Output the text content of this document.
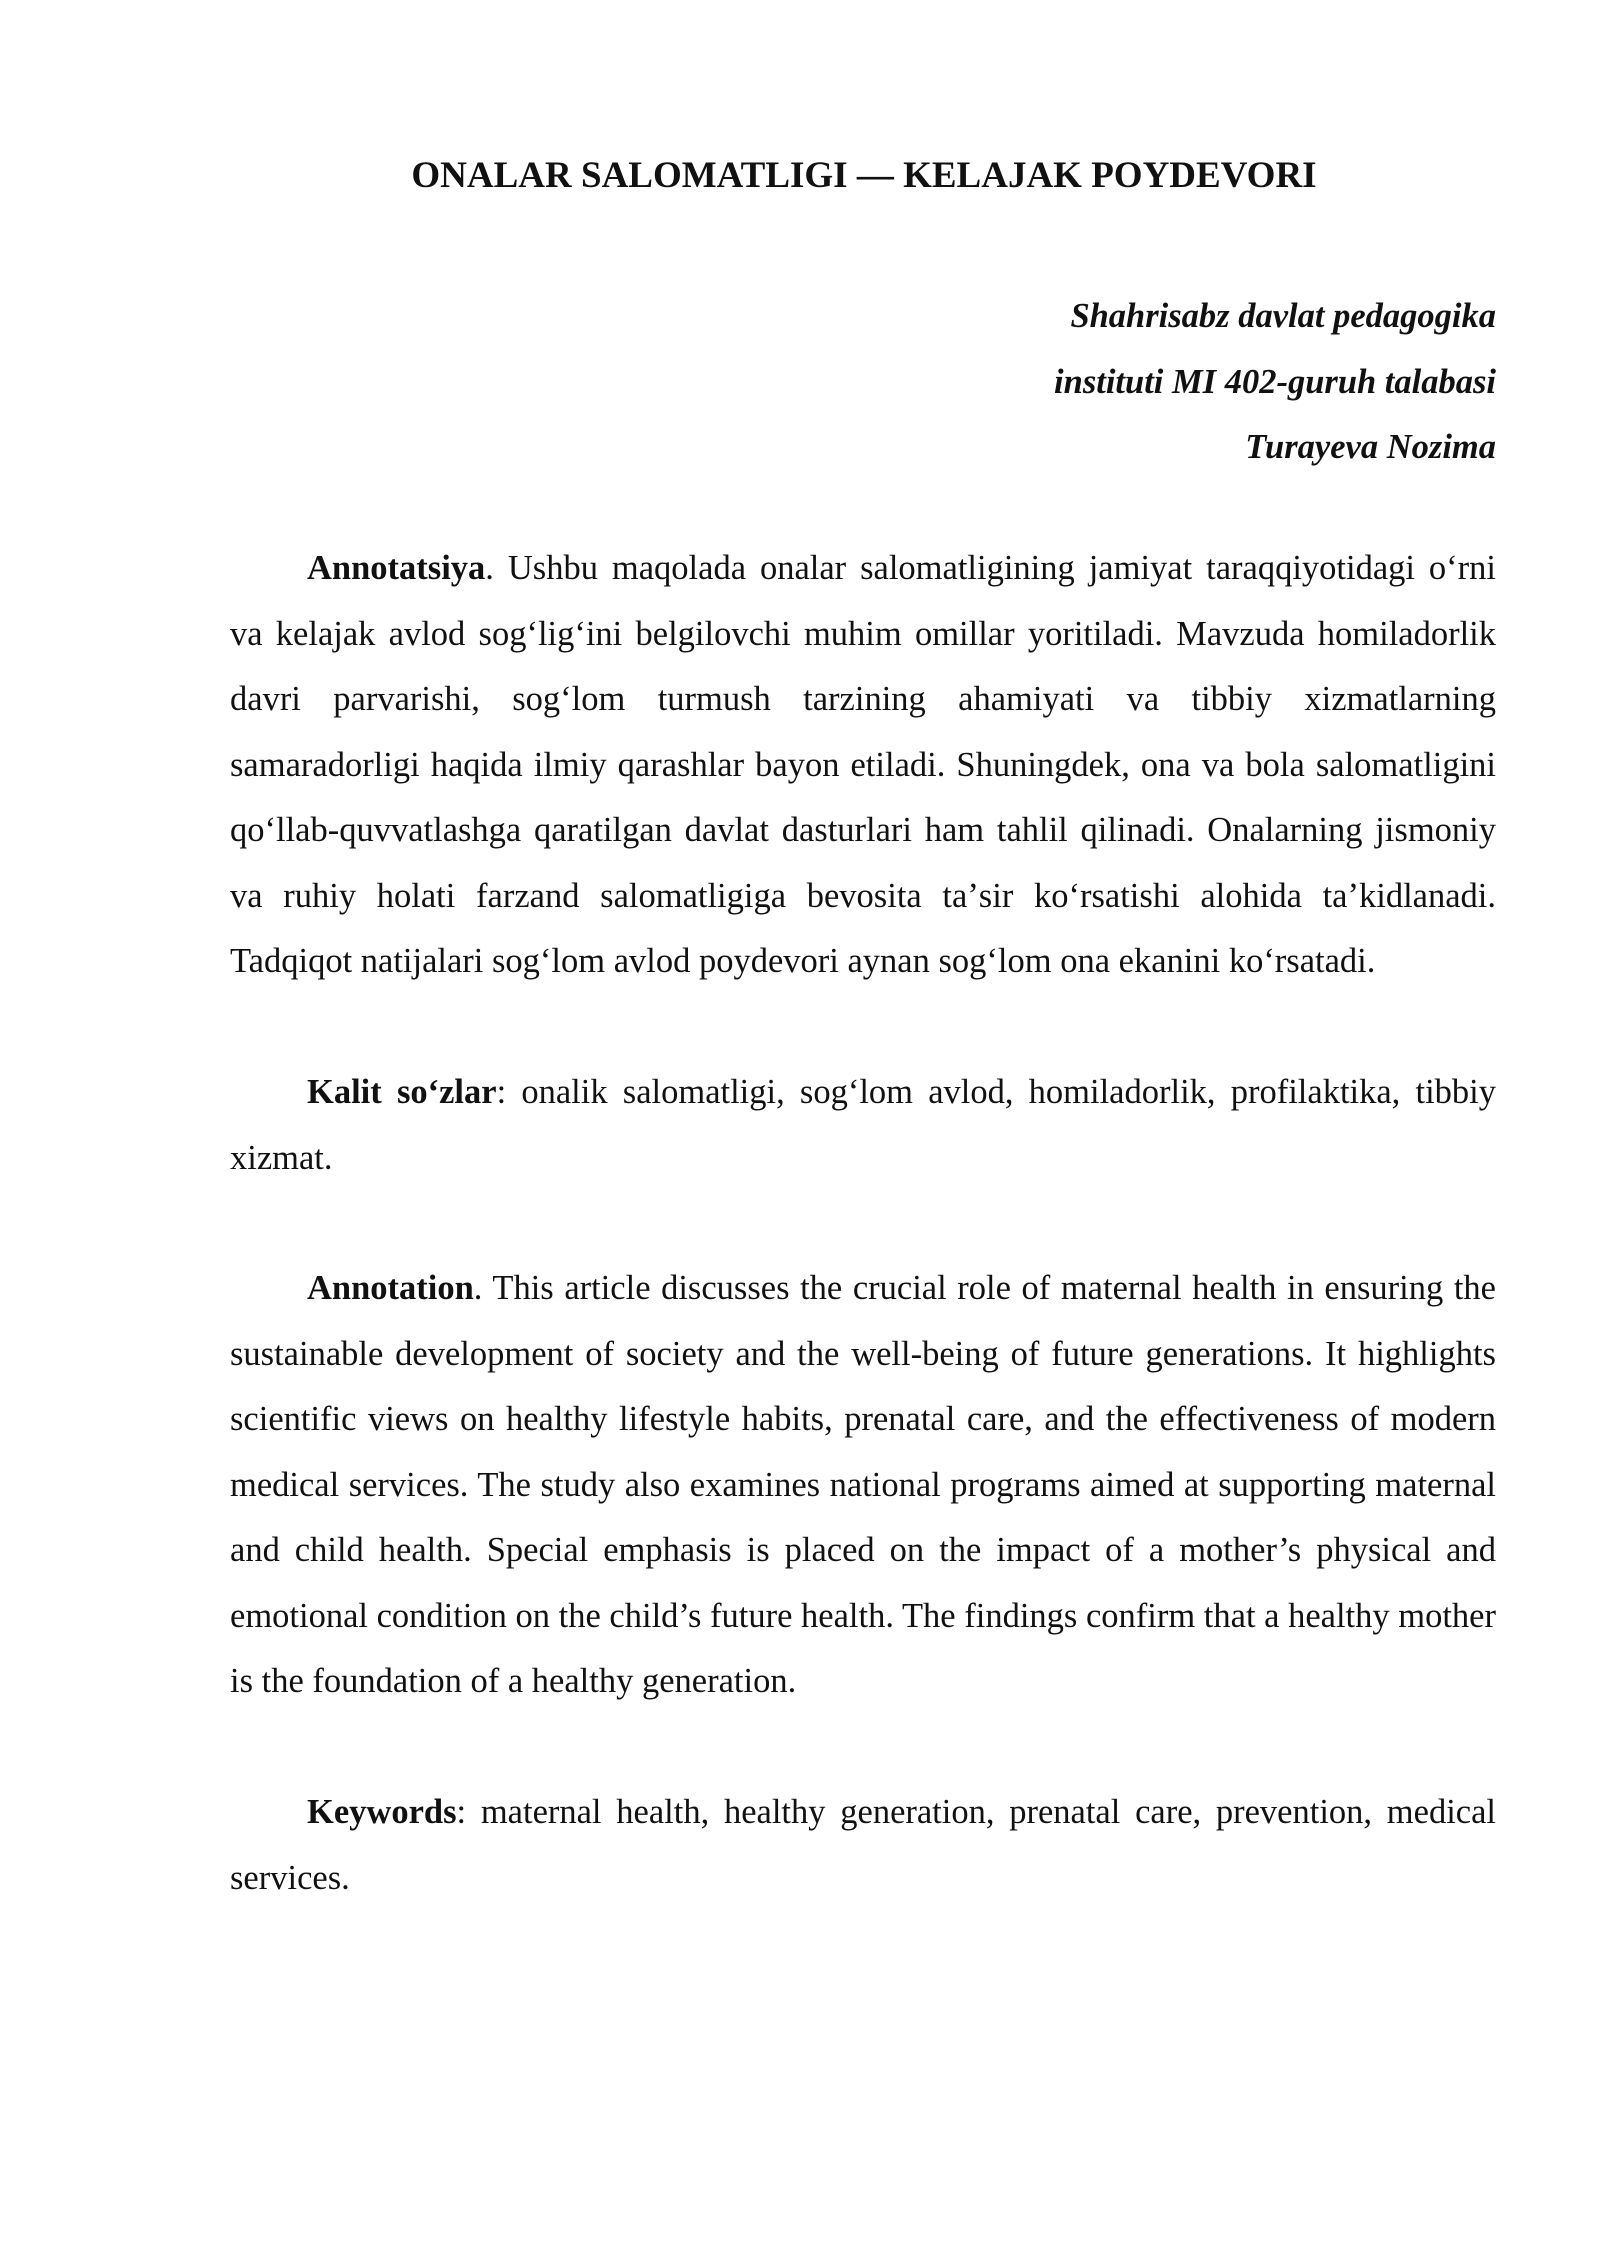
ONALAR SALOMATLIGI — KELAJAK POYDEVORI
Shahrisabz davlat pedagogika
instituti MI 402-guruh talabasi
Turayeva Nozima

Annotatsiya. Ushbu maqolada onalar salomatligining jamiyat taraqqiyotidagi oʻrni va kelajak avlod sogʻligʻini belgilovchi muhim omillar yoritiladi. Mavzuda homiladorlik davri parvarishi, sogʻlom turmush tarzining ahamiyati va tibbiy xizmatlarning samaradorligi haqida ilmiy qarashlar bayon etiladi. Shuningdek, ona va bola salomatligini qoʻllab-quvvatlashga qaratilgan davlat dasturlari ham tahlil qilinadi. Onalarning jismoniy va ruhiy holati farzand salomatligiga bevosita taʼsir koʻrsatishi alohida taʼkidlanadi. Tadqiqot natijalari sogʻlom avlod poydevori aynan sogʻlom ona ekanini koʻrsatadi.

Kalit soʻzlar: onalik salomatligi, sogʻlom avlod, homiladorlik, profilaktika, tibbiy xizmat.

Annotation. This article discusses the crucial role of maternal health in ensuring the sustainable development of society and the well-being of future generations. It highlights scientific views on healthy lifestyle habits, prenatal care, and the effectiveness of modern medical services. The study also examines national programs aimed at supporting maternal and child health. Special emphasis is placed on the impact of a mother’s physical and emotional condition on the child’s future health. The findings confirm that a healthy mother is the foundation of a healthy generation.

Keywords: maternal health, healthy generation, prenatal care, prevention, medical services.
